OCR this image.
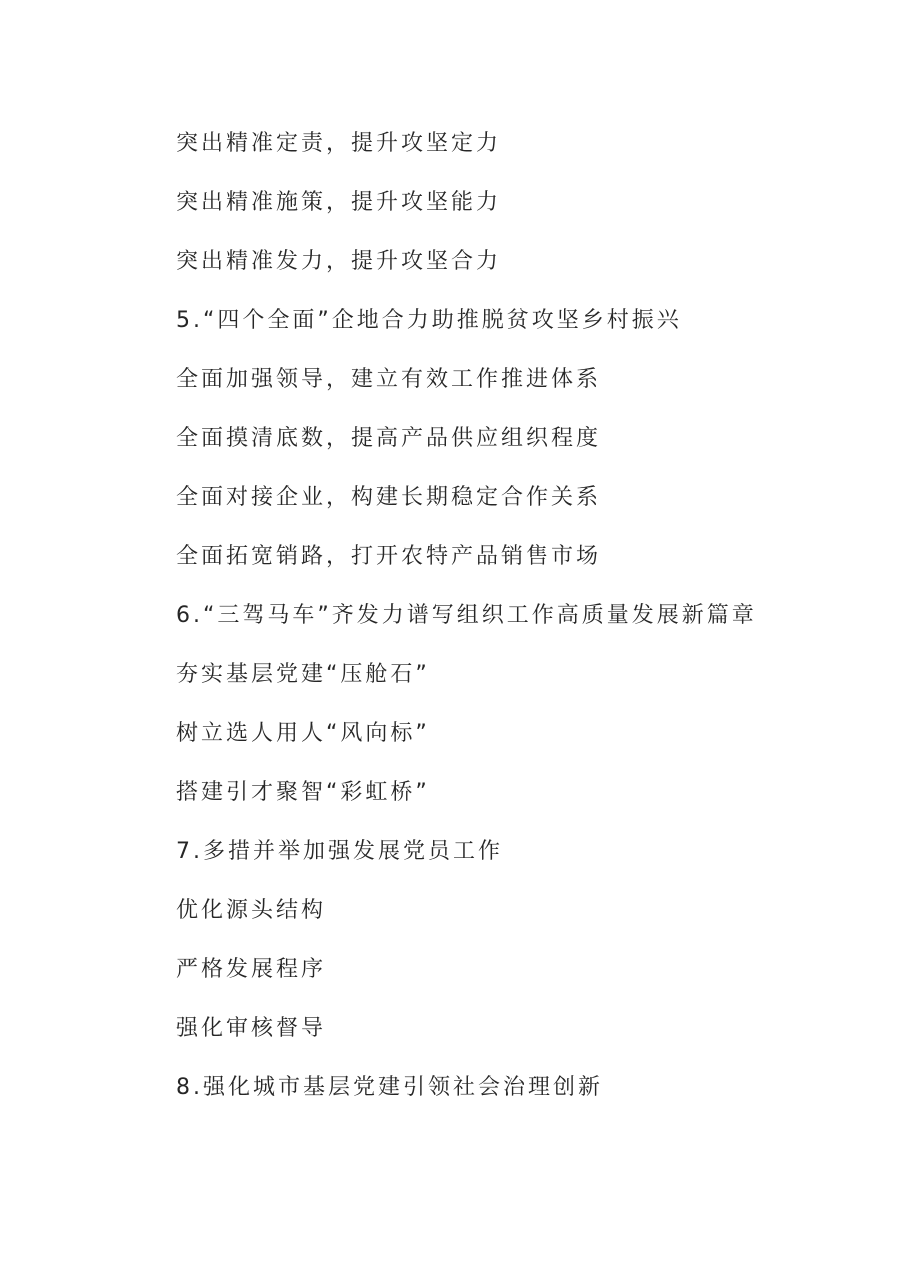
突出精准定责，提升攻坚定力
突出精准施策，提升攻坚能力
突出精准发力，提升攻坚合力
5.“四个全面”企地合力助推脱贫攻坚乡村振兴
全面加强领导，建立有效工作推进体系
全面摸清底数，提高产品供应组织程度
全面对接企业，构建长期稳定合作关系
全面拓宽销路，打开农特产品销售市场
6.“三驾马车”齐发力谱写组织工作高质量发展新篇章
夯实基层党建“压舱石”
树立选人用人“风向标”
搭建引才聚智“彩虹桥”
7.多措并举加强发展党员工作
优化源头结构
严格发展程序
强化审核督导
8.强化城市基层党建引领社会治理创新
